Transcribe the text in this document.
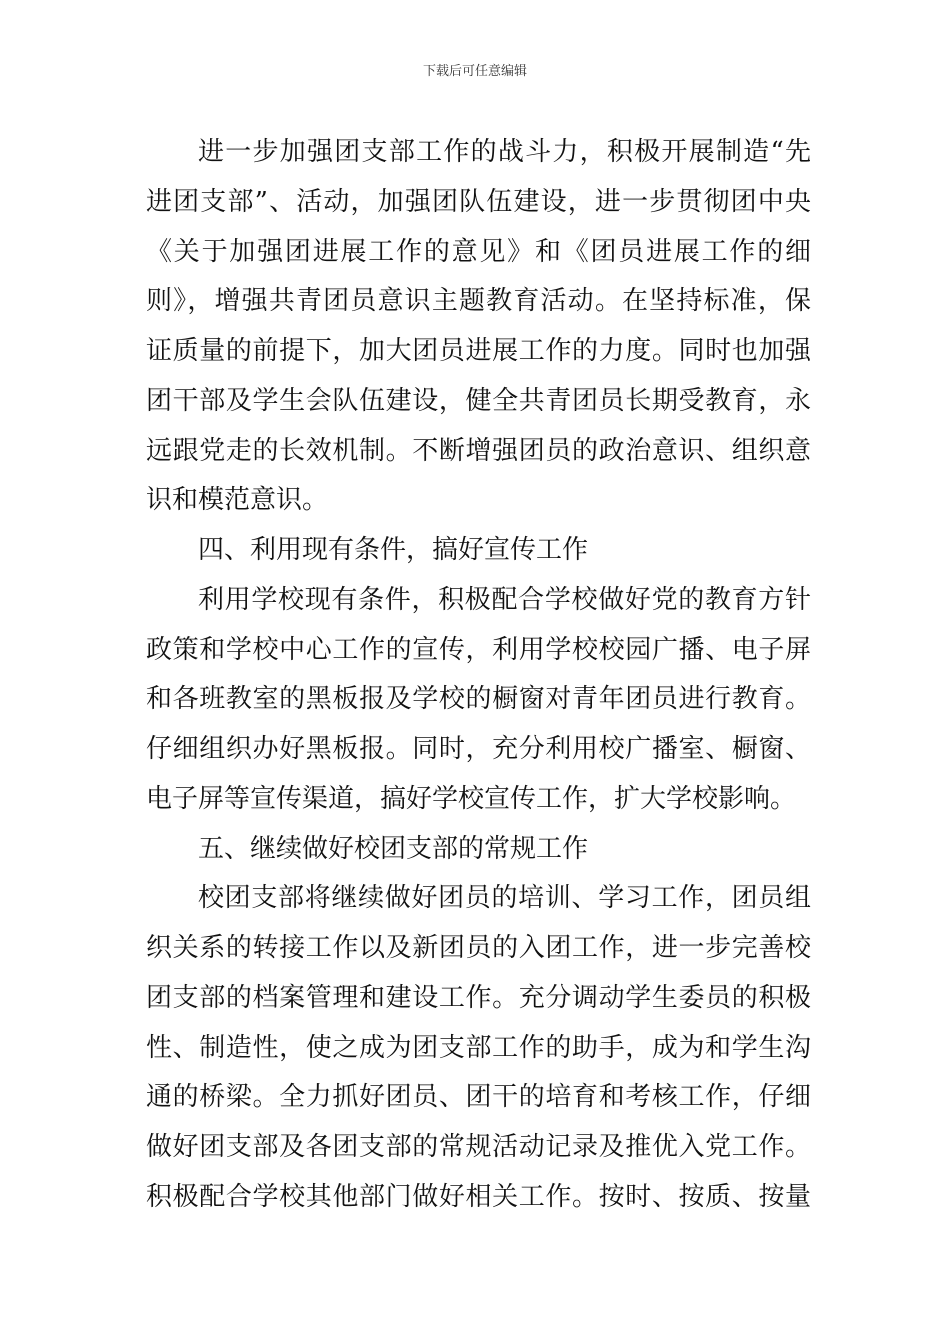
下载后可任意编辑
进一步加强团支部工作的战斗力，积极开展制造“先
进团支部”、活动，加强团队伍建设，进一步贯彻团中央
《关于加强团进展工作的意见》和《团员进展工作的细
则》，增强共青团员意识主题教育活动。在坚持标准，保
证质量的前提下，加大团员进展工作的力度。同时也加强
团干部及学生会队伍建设，健全共青团员长期受教育，永
远跟党走的长效机制。不断增强团员的政治意识、组织意
识和模范意识。
四、利用现有条件，搞好宣传工作
利用学校现有条件，积极配合学校做好党的教育方针
政策和学校中心工作的宣传，利用学校校园广播、电子屏
和各班教室的黑板报及学校的橱窗对青年团员进行教育。
仔细组织办好黑板报。同时，充分利用校广播室、橱窗、
电子屏等宣传渠道，搞好学校宣传工作，扩大学校影响。
五、继续做好校团支部的常规工作
校团支部将继续做好团员的培训、学习工作，团员组
织关系的转接工作以及新团员的入团工作，进一步完善校
团支部的档案管理和建设工作。充分调动学生委员的积极
性、制造性，使之成为团支部工作的助手，成为和学生沟
通的桥梁。全力抓好团员、团干的培育和考核工作，仔细
做好团支部及各团支部的常规活动记录及推优入党工作。
积极配合学校其他部门做好相关工作。按时、按质、按量
